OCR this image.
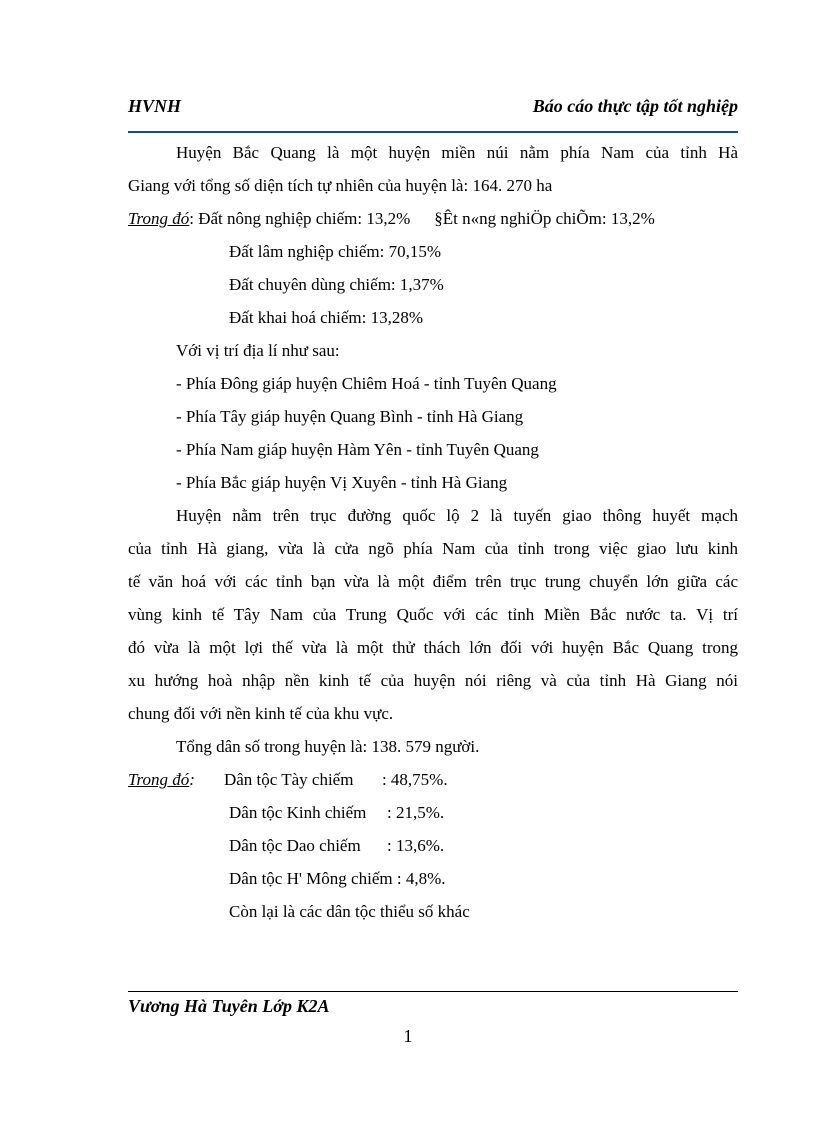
HVNH	Báo cáo thực tập tốt nghiệp
Huyện Bắc Quang là một huyện miền núi nằm phía Nam của tỉnh Hà
Giang với tổng số diện tích tự nhiên của huyện là: 164. 270 ha
Trong đó: Đất nông nghiệp chiếm: 13,2% §Êt n«ng nghiÖp chiÕm: 13,2%
Đất lâm nghiệp chiếm: 70,15%
Đất chuyên dùng chiếm: 1,37%
Đất khai hoá chiếm: 13,28%
Với vị trí địa lí như sau:
- Phía Đông giáp huyện Chiêm Hoá - tỉnh Tuyên Quang
- Phía Tây giáp huyện Quang Bình - tỉnh Hà Giang
- Phía Nam giáp huyện Hàm Yên - tỉnh Tuyên Quang
- Phía Bắc giáp huyện Vị Xuyên - tỉnh Hà Giang
Huyện nằm trên trục đường quốc lộ 2 là tuyến giao thông huyết mạch
của tỉnh Hà giang, vừa là cửa ngõ phía Nam của tỉnh trong việc giao lưu kinh
tế văn hoá với các tỉnh bạn vừa là một điểm trên trục trung chuyển lớn giữa các
vùng kinh tế Tây Nam của Trung Quốc với các tỉnh Miền Bắc nước ta. Vị trí
đó vừa là một lợi thế vừa là một thử thách lớn đối với huyện Bắc Quang trong
xu hướng hoà nhập nền kinh tế của huyện nói riêng và của tỉnh Hà Giang nói
chung đối với nền kinh tế của khu vực.
Tổng dân số trong huyện là: 138. 579 người.
Trong đó: Dân tộc Tày chiếm : 48,75%.
Dân tộc Kinh chiếm : 21,5%.
Dân tộc Dao chiếm : 13,6%.
Dân tộc H' Mông chiếm : 4,8%.
Còn lại là các dân tộc thiểu số khác
Vương Hà Tuyên Lớp K2A
1
